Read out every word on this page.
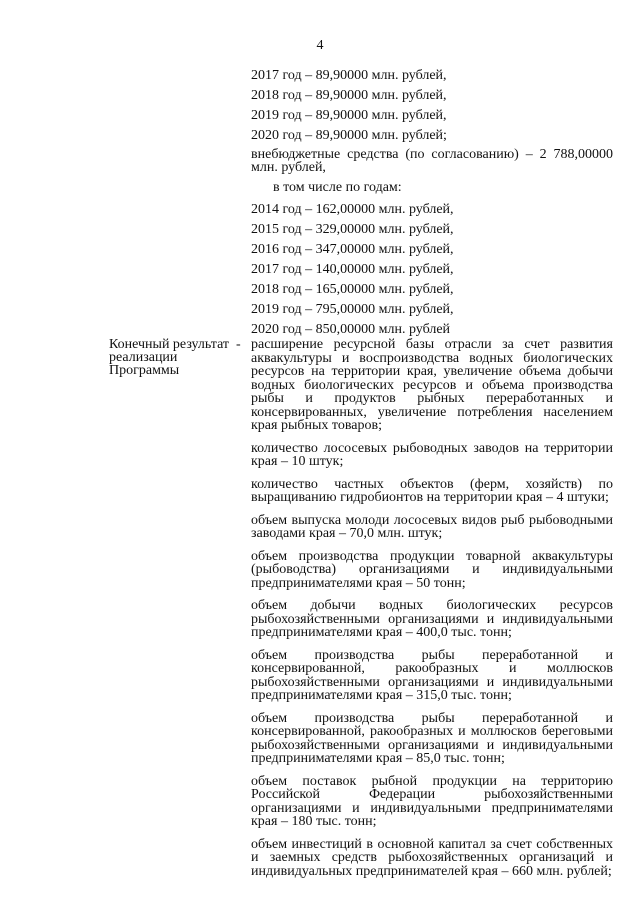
4
2017 год – 89,90000 млн. рублей,
2018 год – 89,90000 млн. рублей,
2019 год – 89,90000 млн. рублей,
2020 год – 89,90000 млн. рублей;
внебюджетные средства (по согласованию) – 2 788,00000 млн. рублей,
в том числе по годам:
2014 год – 162,00000 млн. рублей,
2015 год – 329,00000 млн. рублей,
2016 год – 347,00000 млн. рублей,
2017 год – 140,00000 млн. рублей,
2018 год – 165,00000 млн. рублей,
2019 год – 795,00000 млн. рублей,
2020 год – 850,00000 млн. рублей
Конечный результат реализации Программы
- расширение ресурсной базы отрасли за счет развития аквакультуры и воспроизводства водных биологических ресурсов на территории края, увеличение объема добычи водных биологических ресурсов и объема производства рыбы и продуктов рыбных переработанных и консервированных, увеличение потребления населением края рыбных товаров;
количество лососевых рыбоводных заводов на территории края – 10 штук;
количество частных объектов (ферм, хозяйств) по выращиванию гидробионтов на территории края – 4 штуки;
объем выпуска молоди лососевых видов рыб рыбоводными заводами края – 70,0 млн. штук;
объем производства продукции товарной аквакультуры (рыбоводства) организациями и индивидуальными предпринимателями края – 50 тонн;
объем добычи водных биологических ресурсов рыбохозяйственными организациями и индивидуальными предпринимателями края – 400,0 тыс. тонн;
объем производства рыбы переработанной и консервированной, ракообразных и моллюсков рыбохозяйственными организациями и индивидуальными предпринимателями края – 315,0 тыс. тонн;
объем производства рыбы переработанной и консервированной, ракообразных и моллюсков береговыми рыбохозяйственными организациями и индивидуальными предпринимателями края – 85,0 тыс. тонн;
объем поставок рыбной продукции на территорию Российской Федерации рыбохозяйственными организациями и индивидуальными предпринимателями края – 180 тыс. тонн;
объем инвестиций в основной капитал за счет собственных и заемных средств рыбохозяйственных организаций и индивидуальных предпринимателей края – 660 млн. рублей;
